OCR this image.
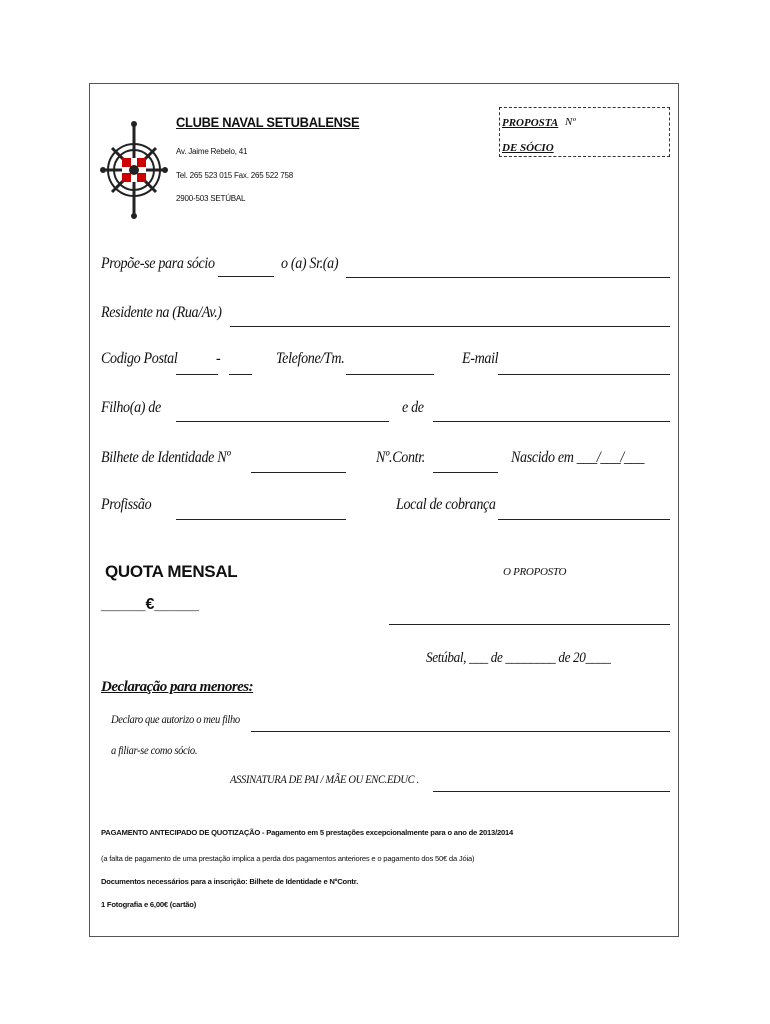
CLUBE NAVAL SETUBALENSE
Av. Jaime Rebelo, 41
Tel. 265 523 015 Fax. 265 522 758
2900-503 SETÚBAL
PROPOSTA Nº
DE SÓCIO
Propõe-se para sócio	o (a) Sr.(a)
Residente na (Rua/Av.)
Codigo Postal -	Telefone/Tm.	E-mail
Filho(a) de	e de
Bilhete de Identidade Nº	Nº.Contr.	Nascido em ___/___/___
Profissão	Local de cobrança
QUOTA MENSAL
_____€_____
O PROPOSTO
Setúbal, ___ de ________ de 20____
Declaração para menores:
Declaro que autorizo o meu filho
a filiar-se como sócio.
ASSINATURA DE PAI / MÃE OU ENC.EDUC .
PAGAMENTO ANTECIPADO DE QUOTIZAÇÃO - Pagamento em 5 prestações excepcionalmente para o ano de 2013/2014
(a falta de pagamento de uma prestação implica a perda dos pagamentos anteriores e o pagamento dos 50€ da Jóia)
Documentos necessários para a inscrição: Bilhete de Identidade e NºContr.
1 Fotografia e 6,00€ (cartão)
